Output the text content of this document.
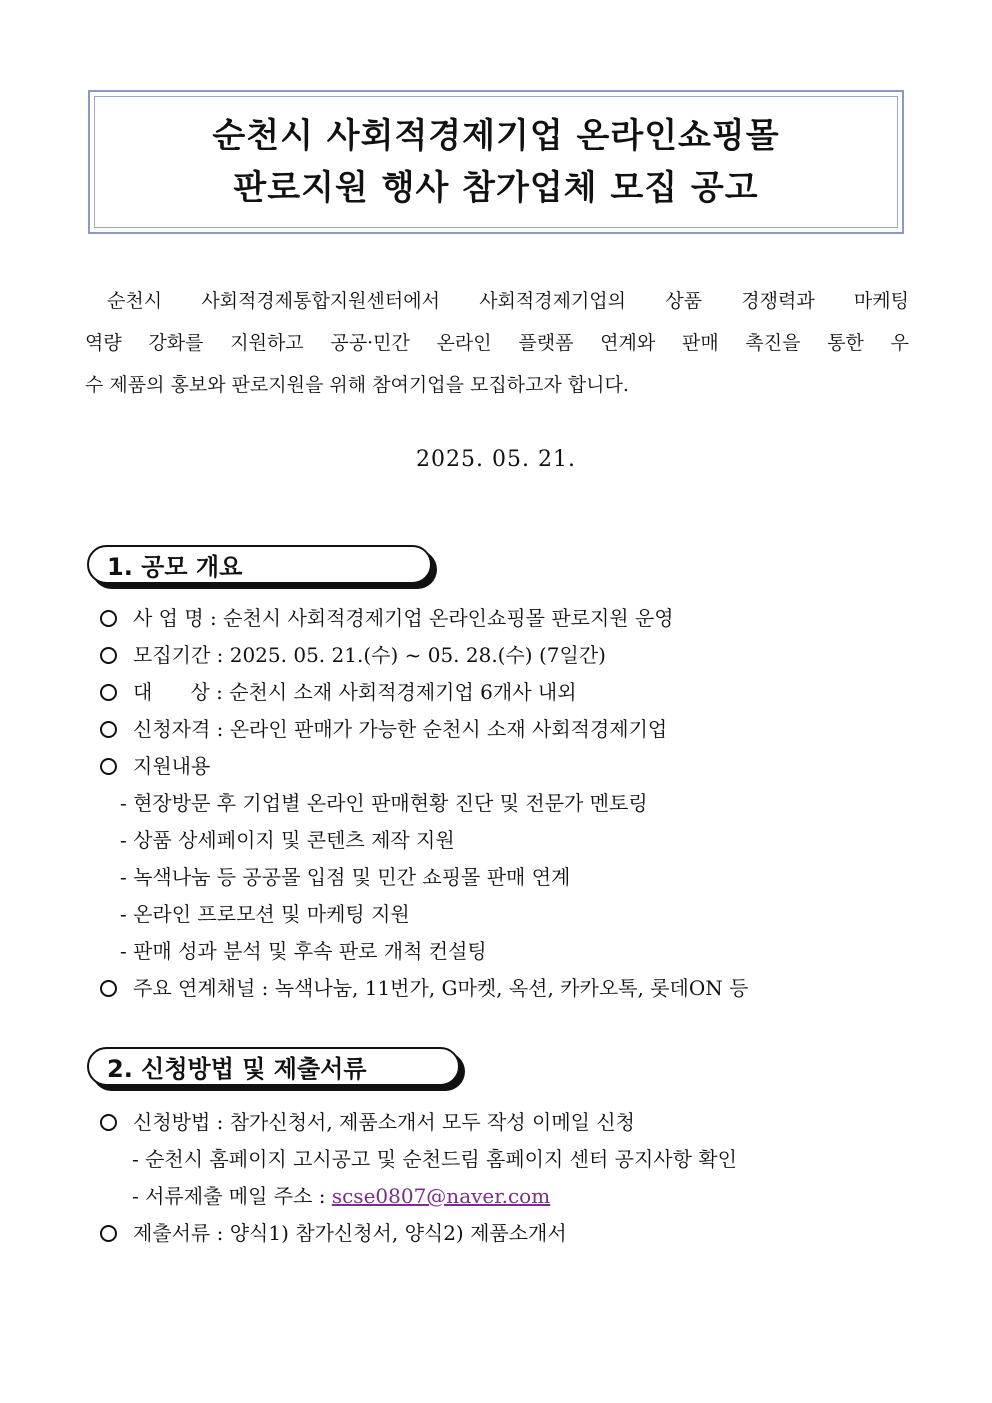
순천시 사회적경제기업 온라인쇼핑몰
판로지원 행사 참가업체 모집 공고
순천시 사회적경제통합지원센터에서 사회적경제기업의 상품 경쟁력과 마케팅
역량 강화를 지원하고 공공·민간 온라인 플랫폼 연계와 판매 촉진을 통한 우
수 제품의 홍보와 판로지원을 위해 참여기업을 모집하고자 합니다.
2025. 05. 21.
1. 공모 개요
사 업 명 : 순천시 사회적경제기업 온라인쇼핑몰 판로지원 운영
모집기간 : 2025. 05. 21.(수) ~ 05. 28.(수) (7일간)
대      상 : 순천시 소재 사회적경제기업 6개사 내외
신청자격 : 온라인 판매가 가능한 순천시 소재 사회적경제기업
지원내용
- 현장방문 후 기업별 온라인 판매현황 진단 및 전문가 멘토링
- 상품 상세페이지 및 콘텐츠 제작 지원
- 녹색나눔 등 공공몰 입점 및 민간 쇼핑몰 판매 연계
- 온라인 프로모션 및 마케팅 지원
- 판매 성과 분석 및 후속 판로 개척 컨설팅
주요 연계채널 : 녹색나눔, 11번가, G마켓, 옥션, 카카오톡, 롯데ON 등
2. 신청방법 및 제출서류
신청방법 : 참가신청서, 제품소개서 모두 작성 이메일 신청
- 순천시 홈페이지 고시공고 및 순천드림 홈페이지 센터 공지사항 확인
- 서류제출 메일 주소 : scse0807@naver.com
제출서류 : 양식1) 참가신청서, 양식2) 제품소개서
